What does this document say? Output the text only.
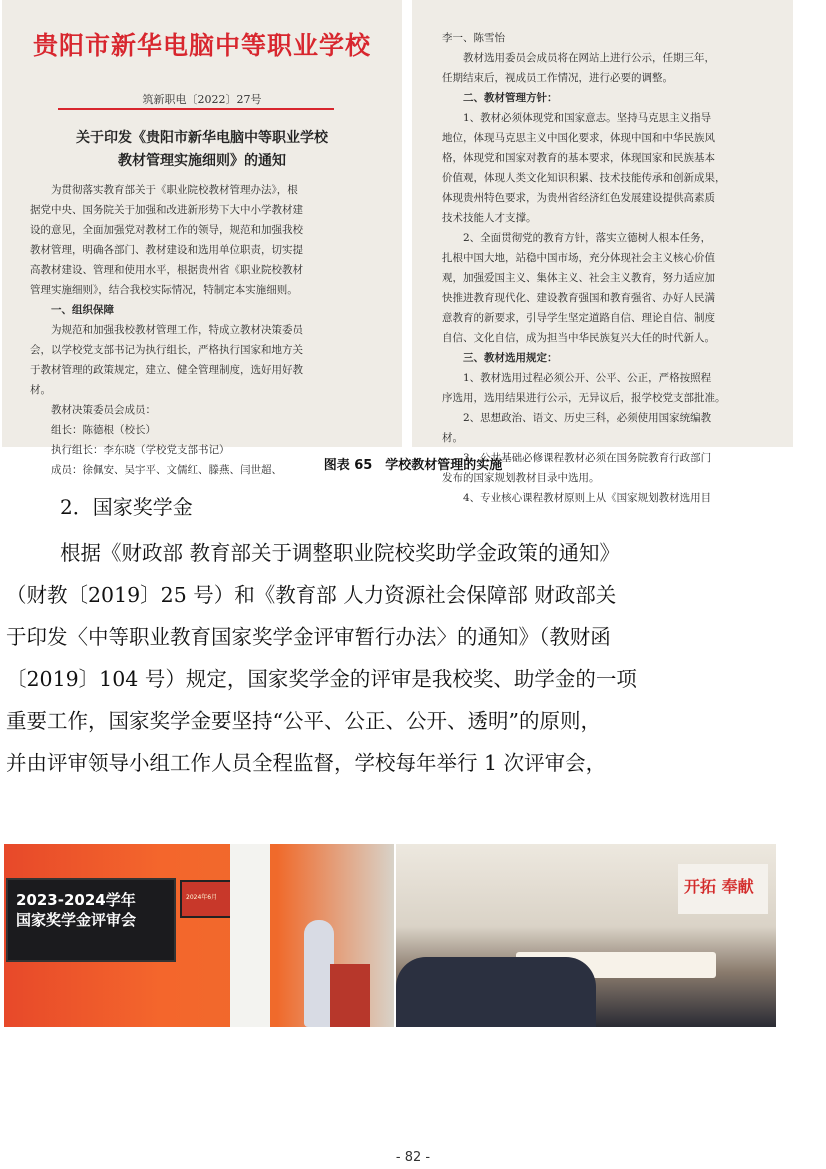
贵阳市新华电脑中等职业学校
筑新职电〔2022〕27号
关于印发《贵阳市新华电脑中等职业学校
教材管理实施细则》的通知

为贯彻落实教育部关于《职业院校教材管理办法》，根

据党中央、国务院关于加强和改进新形势下大中小学教材建

设的意见，全面加强党对教材工作的领导，规范和加强我校

教材管理，明确各部门、教材建设和选用单位职责，切实提

高教材建设、管理和使用水平，根据贵州省《职业院校教材

管理实施细则》，结合我校实际情况，特制定本实施细则。

一、组织保障

为规范和加强我校教材管理工作，特成立教材决策委员

会，以学校党支部书记为执行组长，严格执行国家和地方关

于教材管理的政策规定，建立、健全管理制度，选好用好教

材。

教材决策委员会成员：

组长：陈德根（校长）

执行组长：李东晓（学校党支部书记）

成员：徐佩安、吴宇平、文儒红、滕燕、闫世超、

李一、陈雪怡

教材选用委员会成员将在网站上进行公示，任期三年，

任期结束后，视成员工作情况，进行必要的调整。

二、教材管理方针：

1、教材必须体现党和国家意志。坚持马克思主义指导

地位，体现马克思主义中国化要求，体现中国和中华民族风

格，体现党和国家对教育的基本要求，体现国家和民族基本

价值观，体现人类文化知识积累、技术技能传承和创新成果，

体现贵州特色要求，为贵州省经济红色发展建设提供高素质

技术技能人才支撑。

2、全面贯彻党的教育方针，落实立德树人根本任务，

扎根中国大地，站稳中国市场，充分体现社会主义核心价值

观，加强爱国主义、集体主义、社会主义教育，努力适应加

快推进教育现代化、建设教育强国和教育强省、办好人民满

意教育的新要求，引导学生坚定道路自信、理论自信、制度

自信、文化自信，成为担当中华民族复兴大任的时代新人。

三、教材选用规定：

1、教材选用过程必须公开、公平、公正，严格按照程

序选用，选用结果进行公示，无异议后，报学校党支部批准。

2、思想政治、语文、历史三科，必须使用国家统编教

材。

3、公共基础必修课程教材必须在国务院教育行政部门

发布的国家规划教材目录中选用。

4、专业核心课程教材原则上从《国家规划教材选用目

图表 65　学校教材管理的实施
2．国家奖学金
根据《财政部 教育部关于调整职业院校奖助学金政策的通知》
（财教〔2019〕25 号）和《教育部 人力资源社会保障部 财政部关
于印发〈中等职业教育国家奖学金评审暂行办法〉的通知》（教财函
〔2019〕104 号）规定，国家奖学金的评审是我校奖、助学金的一项
重要工作，国家奖学金要坚持“公平、公正、公开、透明”的原则，
并由评审领导小组工作人员全程监督，学校每年举行 1 次评审会，
2023-2024学年
国家奖学金评审会
2024年6月
开拓 奉献
- 82 -
